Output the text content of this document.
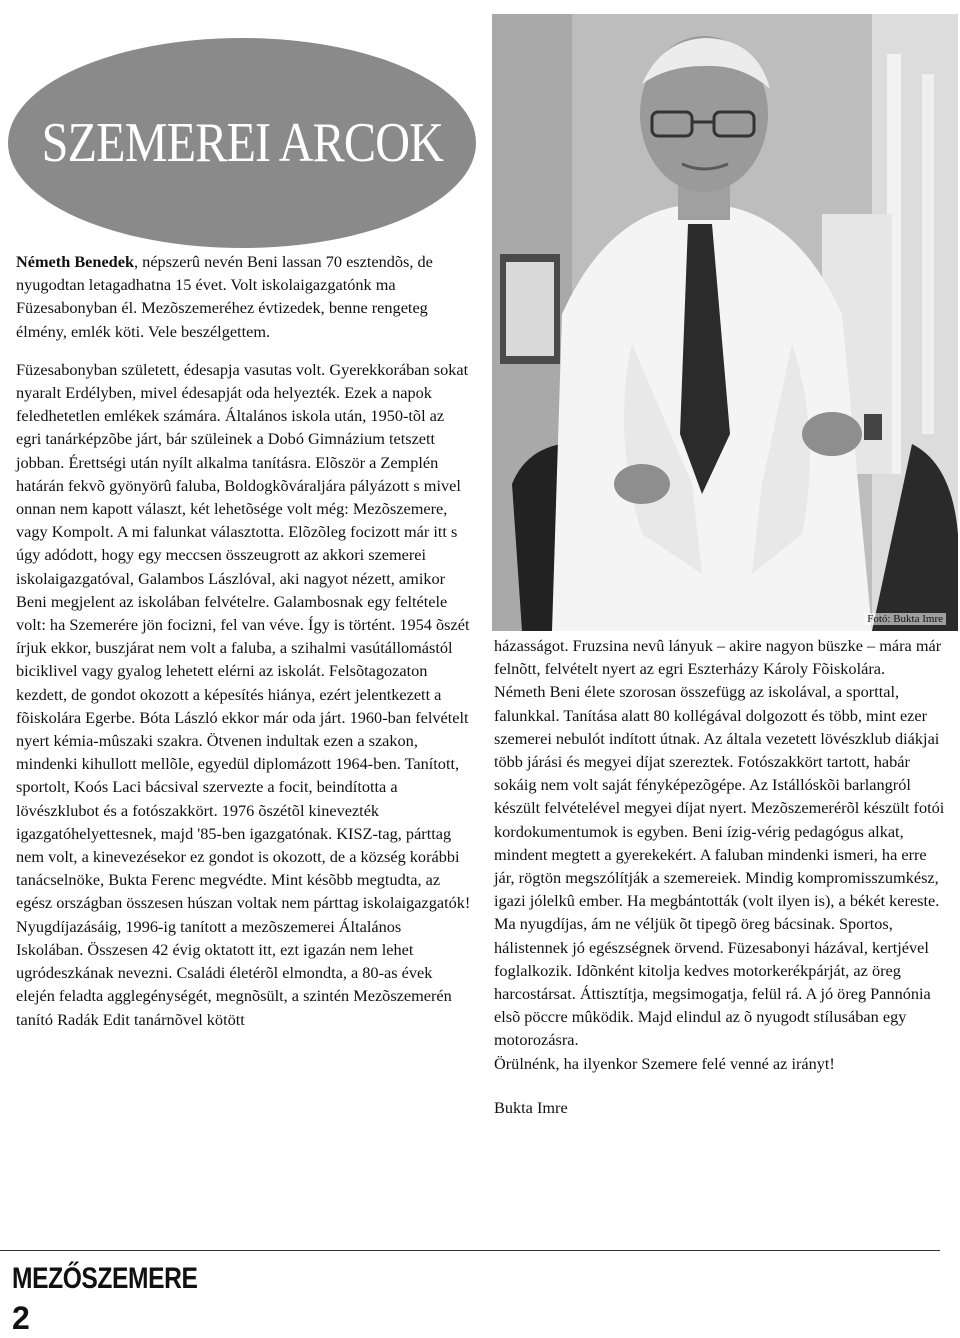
SZEMEREI ARCOK

Németh Benedek, népszerû nevén Beni lassan 70 esztendõs, de nyugodtan letagadhatna 15 évet. Volt iskolaigazgatónk ma Füzesabonyban él. Mezõszemeréhez évtizedek, benne rengeteg élmény, emlék köti. Vele beszélgettem.

Füzesabonyban született, édesapja vasutas volt. Gyerekkorában sokat nyaralt Erdélyben, mivel édesapját oda helyezték. Ezek a napok feledhetetlen emlékek számára. Általános iskola után, 1950-tõl az egri tanárképzõbe járt, bár szüleinek a Dobó Gimnázium tetszett jobban. Érettségi után nyílt alkalma tanításra. Elõször a Zemplén határán fekvõ gyönyörû faluba, Boldogkõváraljára pályázott s mivel onnan nem kapott választ, két lehetõsége volt még: Mezõszemere, vagy Kompolt. A mi falunkat választotta. Elõzõleg focizott már itt s úgy adódott, hogy egy meccsen összeugrott az akkori szemerei iskolaigazgatóval, Galambos Lászlóval, aki nagyot nézett, amikor Beni megjelent az iskolában felvételre. Galambosnak egy feltétele volt: ha Szemerére jön focizni, fel van véve. Így is történt. 1954 õszét írjuk ekkor, buszjárat nem volt a faluba, a szihalmi vasútállomástól biciklivel vagy gyalog lehetett elérni az iskolát. Felsõtagozaton kezdett, de gondot okozott a képesítés hiánya, ezért jelentkezett a fõiskolára Egerbe. Bóta László ekkor már oda járt. 1960-ban felvételt nyert kémia-mûszaki szakra. Ötvenen indultak ezen a szakon, mindenki kihullott mellõle, egyedül diplomázott 1964-ben. Tanított, sportolt, Koós Laci bácsival szervezte a focit, beindította a lövészklubot és a fotószakkört. 1976 õszétõl kinevezték igazgatóhelyettesnek, majd '85-ben igazgatónak. KISZ-tag, párttag nem volt, a kinevezésekor ez gondot is okozott, de a község korábbi tanácselnöke, Bukta Ferenc megvédte. Mint késõbb megtudta, az egész országban összesen húszan voltak nem párttag iskolaigazgatók! Nyugdíjazásáig, 1996-ig tanított a mezõszemerei Általános Iskolában. Összesen 42 évig oktatott itt, ezt igazán nem lehet ugródeszkának nevezni. Családi életérõl elmondta, a 80-as évek elején feladta agglegénységét, megnõsült, a szintén Mezõszemerén tanító Radák Edit tanárnõvel kötött

Fotó: Bukta Imre

házasságot. Fruzsina nevû lányuk – akire nagyon büszke – mára már felnõtt, felvételt nyert az egri Eszterházy Károly Fõiskolára.

Németh Beni élete szorosan összefügg az iskolával, a sporttal, falunkkal. Tanítása alatt 80 kollégával dolgozott és több, mint ezer szemerei nebulót indított útnak. Az általa vezetett lövészklub diákjai több járási és megyei díjat szereztek. Fotószakkört tartott, habár sokáig nem volt saját fényképezõgépe. Az Istállóskõi barlangról készült felvételével megyei díjat nyert. Mezõszemerérõl készült fotói kordokumentumok is egyben. Beni ízig-vérig pedagógus alkat, mindent megtett a gyerekekért. A faluban mindenki ismeri, ha erre jár, rögtön megszólítják a szemereiek. Mindig kompromisszumkész, igazi jólelkû ember. Ha megbántották (volt ilyen is), a békét kereste. Ma nyugdíjas, ám ne véljük õt tipegõ öreg bácsinak. Sportos, hálistennek jó egészségnek örvend. Füzesabonyi házával, kertjével foglalkozik. Idõnként kitolja kedves motorkerékpárját, az öreg harcostársat. Áttisztítja, megsimogatja, felül rá. A jó öreg Pannónia elsõ pöccre mûködik. Majd elindul az õ nyugodt stílusában egy motorozásra.

Örülnénk, ha ilyenkor Szemere felé venné az irányt!

Bukta Imre

MEZŐSZEMERE
2
